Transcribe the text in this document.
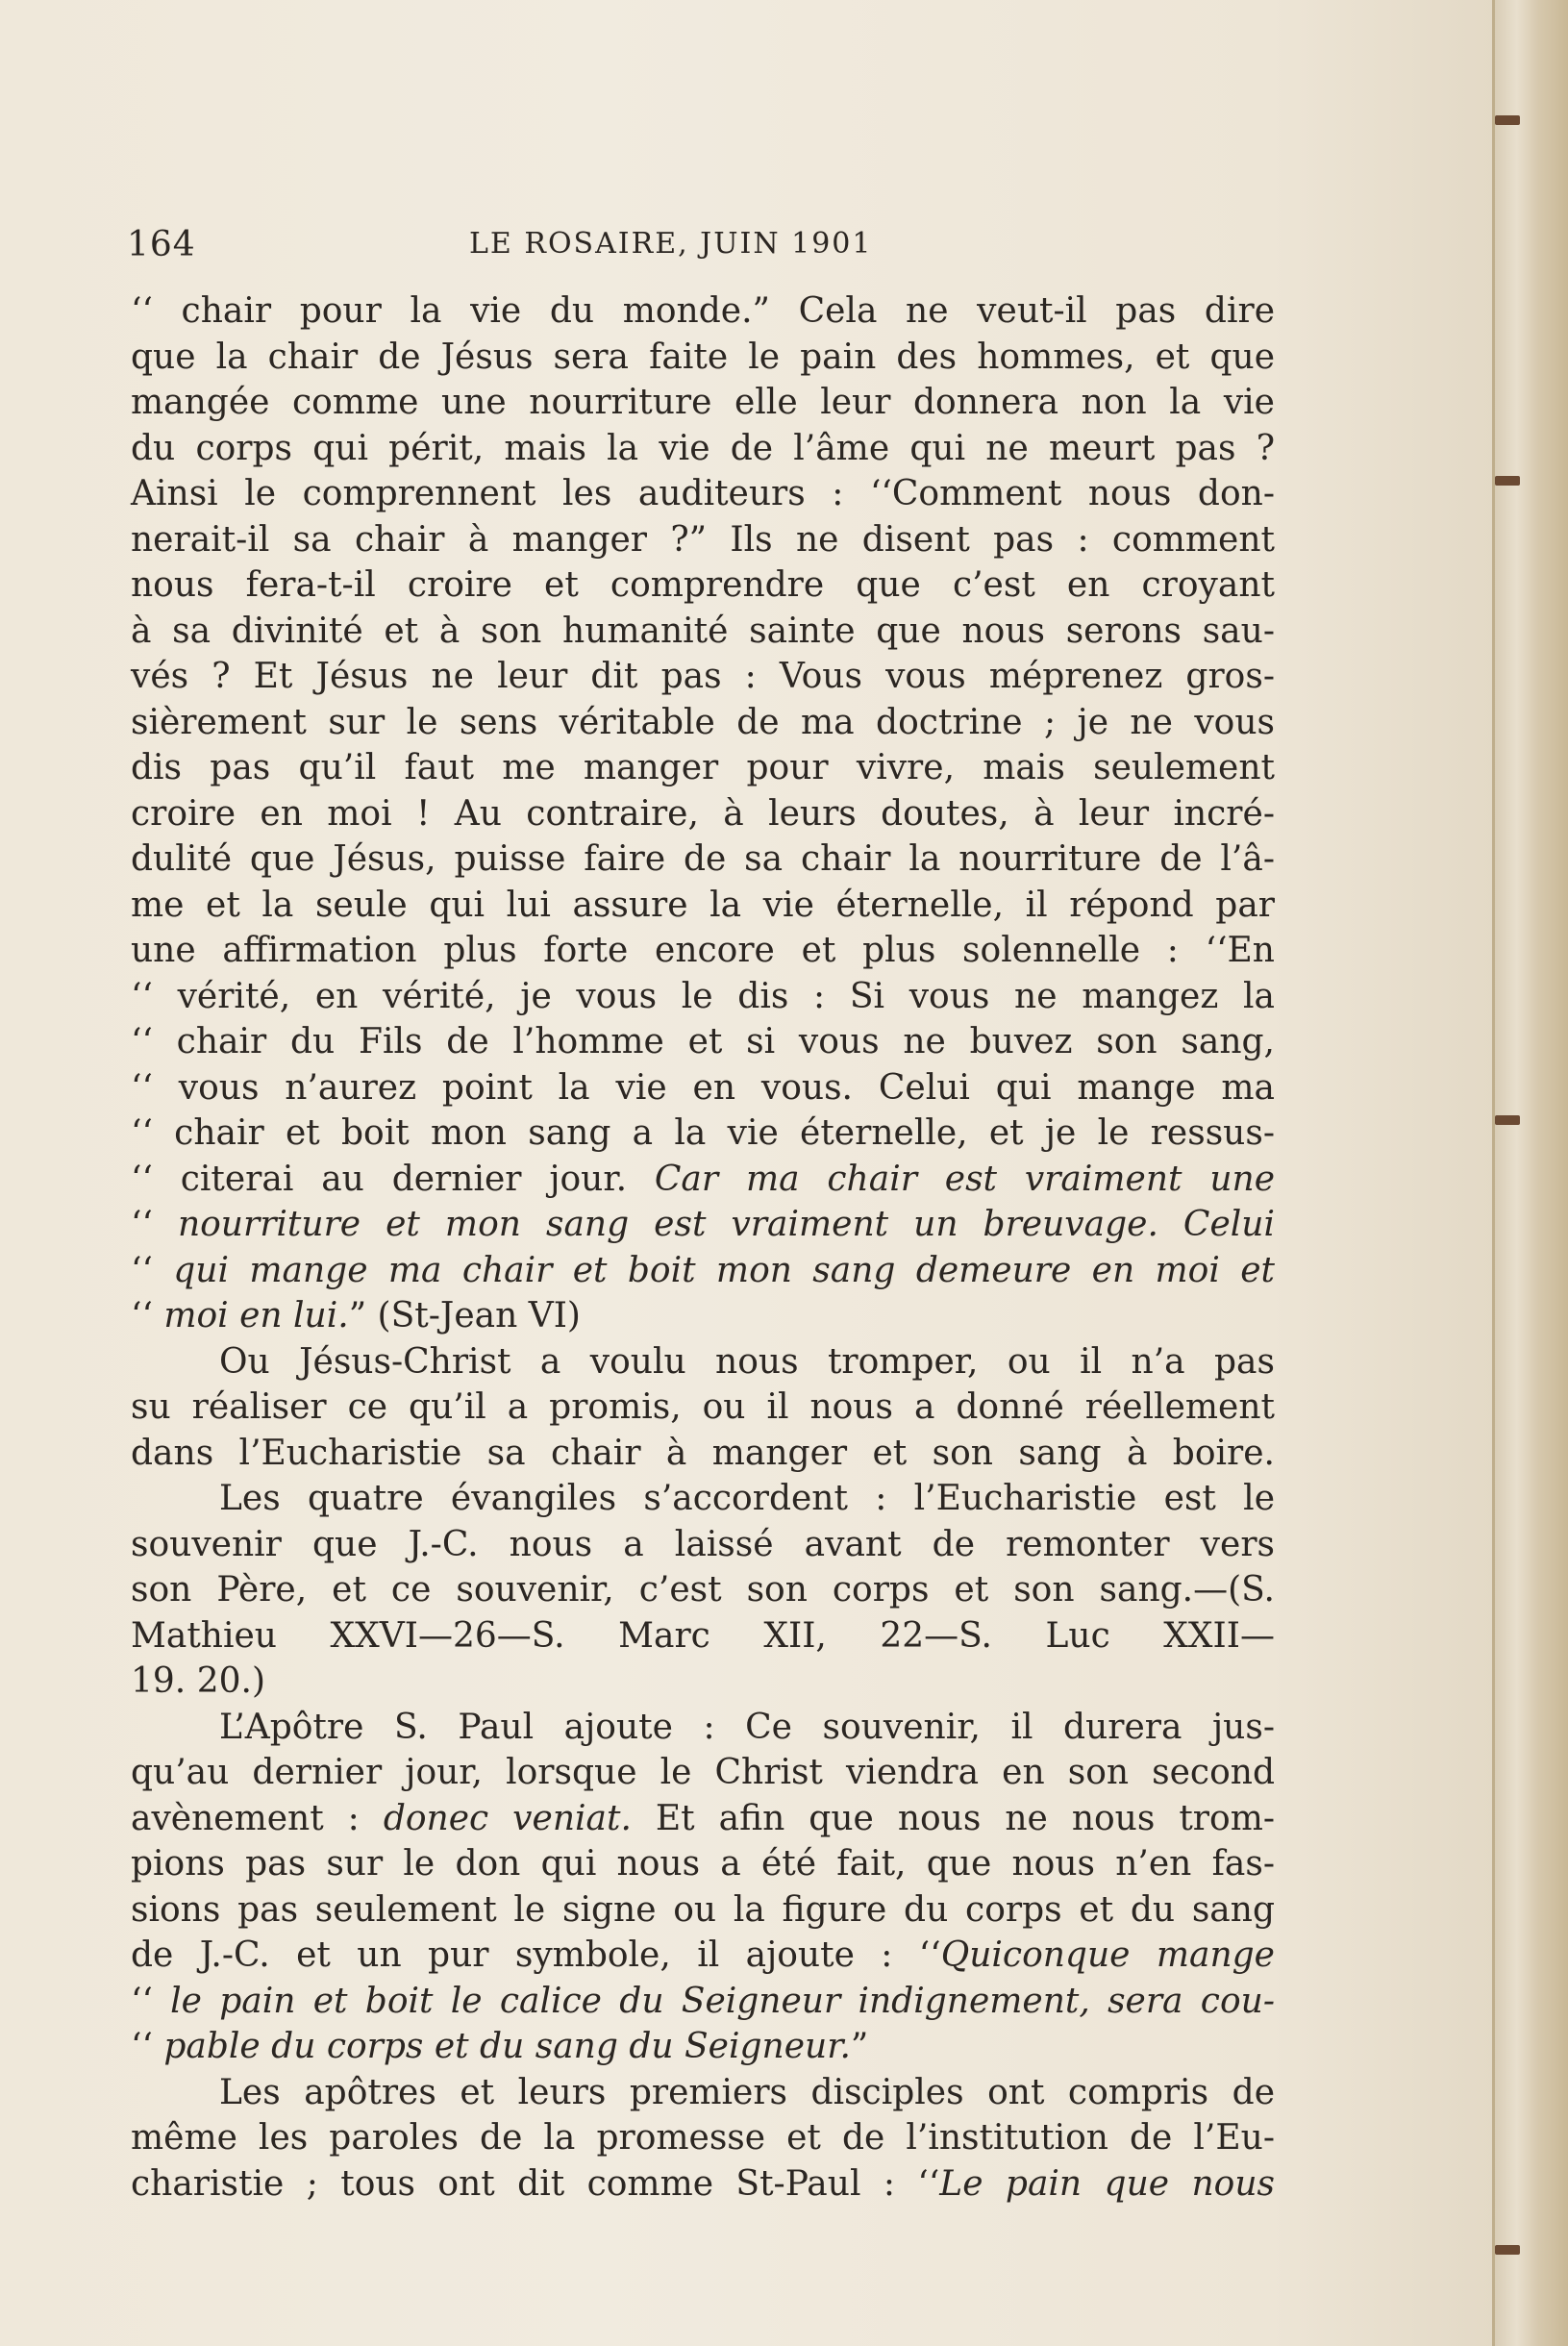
164	LE ROSAIRE, JUIN 1901
‘‘ chair pour la vie du monde.” Cela ne veut-il pas dire
que la chair de Jésus sera faite le pain des hommes, et que
mangée comme une nourriture elle leur donnera non la vie
du corps qui périt, mais la vie de l’âme qui ne meurt pas ?
Ainsi le comprennent les auditeurs : ‘‘Comment nous don-
nerait-il sa chair à manger ?” Ils ne disent pas : comment
nous fera-t-il croire et comprendre que c’est en croyant
à sa divinité et à son humanité sainte que nous serons sau-
vés ? Et Jésus ne leur dit pas : Vous vous méprenez gros-
sièrement sur le sens véritable de ma doctrine ; je ne vous
dis pas qu’il faut me manger pour vivre, mais seulement
croire en moi ! Au contraire, à leurs doutes, à leur incré-
dulité que Jésus, puisse faire de sa chair la nourriture de l’â-
me et la seule qui lui assure la vie éternelle, il répond par
une affirmation plus forte encore et plus solennelle : ‘‘En
‘‘ vérité, en vérité, je vous le dis : Si vous ne mangez la
‘‘ chair du Fils de l’homme et si vous ne buvez son sang,
‘‘ vous n’aurez point la vie en vous. Celui qui mange ma
‘‘ chair et boit mon sang a la vie éternelle, et je le ressus-
‘‘ citerai au dernier jour. Car ma chair est vraiment une
‘‘ nourriture et mon sang est vraiment un breuvage. Celui
‘‘ qui mange ma chair et boit mon sang demeure en moi et
‘‘ moi en lui.” (St-Jean VI)
Ou Jésus-Christ a voulu nous tromper, ou il n’a pas
su réaliser ce qu’il a promis, ou il nous a donné réellement
dans l’Eucharistie sa chair à manger et son sang à boire.
Les quatre évangiles s’accordent : l’Eucharistie est le
souvenir que J.-C. nous a laissé avant de remonter vers
son Père, et ce souvenir, c’est son corps et son sang.—(S.
Mathieu XXVI—26—S. Marc XII, 22—S. Luc XXII—
19. 20.)
L’Apôtre S. Paul ajoute : Ce souvenir, il durera jus-
qu’au dernier jour, lorsque le Christ viendra en son second
avènement : donec veniat. Et afin que nous ne nous trom-
pions pas sur le don qui nous a été fait, que nous n’en fas-
sions pas seulement le signe ou la figure du corps et du sang
de J.-C. et un pur symbole, il ajoute : ‘‘Quiconque mange
‘‘ le pain et boit le calice du Seigneur indignement, sera cou-
‘‘ pable du corps et du sang du Seigneur.”
Les apôtres et leurs premiers disciples ont compris de
même les paroles de la promesse et de l’institution de l’Eu-
charistie ; tous ont dit comme St-Paul : ‘‘Le pain que nous
